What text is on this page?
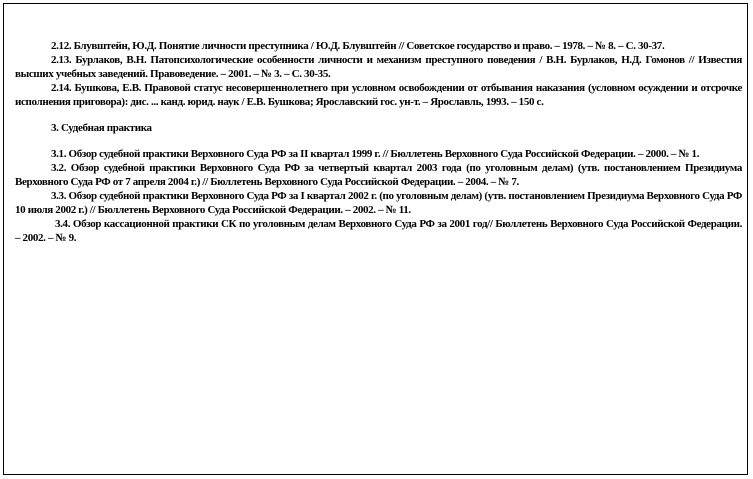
2.12. Блувштейн, Ю.Д. Понятие личности преступника / Ю.Д. Блувштейн // Советское государство и право. – 1978. – № 8. – С. 30-37.

2.13. Бурлаков, В.Н. Патопсихологические особенности личности и механизм преступного поведения / В.Н. Бурлаков, Н.Д. Гомонов // Известия высших учебных заведений. Правоведение. – 2001. – № 3. – С. 30-35.

2.14. Бушкова, Е.В. Правовой статус несовершеннолетнего при условном освобождении от отбывания наказания (условном осуждении и отсрочке исполнения приговора): дис. ... канд. юрид. наук / Е.В. Бушкова; Ярославский гос. ун-т. – Ярославль, 1993. – 150 с.

3. Судебная практика

3.1. Обзор судебной практики Верховного Суда РФ за II квартал 1999 г. // Бюллетень Верховного Суда Российской Федерации. – 2000. – № 1.

3.2. Обзор судебной практики Верховного Суда РФ за четвертый квартал 2003 года (по уголовным делам) (утв. постановлением Президиума Верховного Суда РФ от 7 апреля 2004 г.) // Бюллетень Верховного Суда Российской Федерации. – 2004. – № 7.

3.3. Обзор судебной практики Верховного Суда РФ за I квартал 2002 г. (по уголовным делам) (утв. постановлением Президиума Верховного Суда РФ 10 июля 2002 г.) // Бюллетень Верховного Суда Российской Федерации. – 2002. – № 11.

3.4. Обзор кассационной практики СК по уголовным делам Верховного Суда РФ за 2001 год// Бюллетень Верховного Суда Российской Федерации. – 2002. – № 9.
